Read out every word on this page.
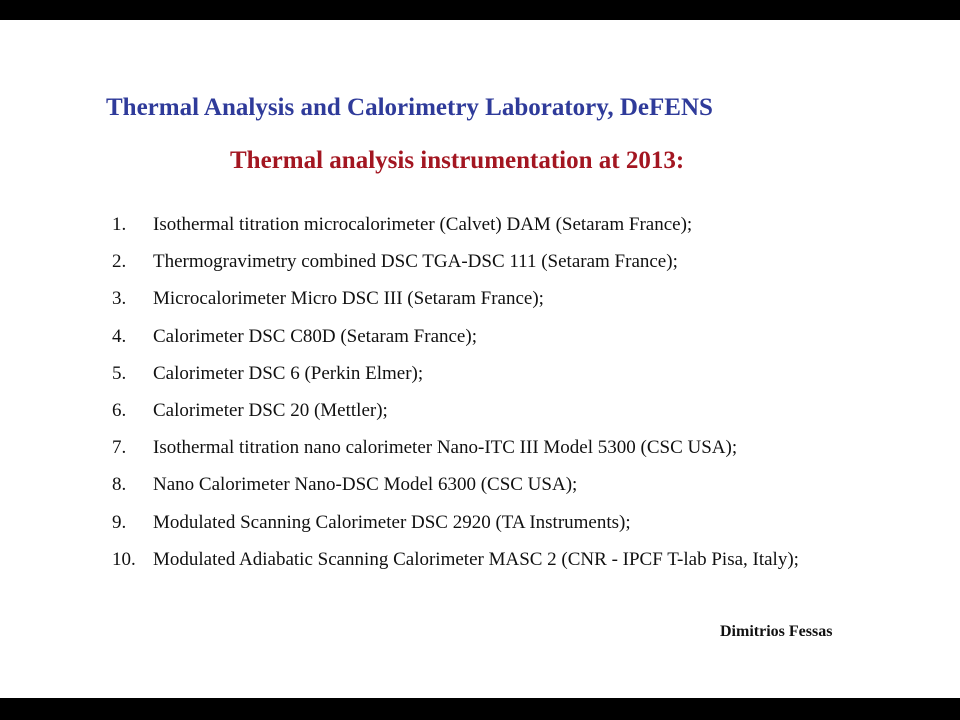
Thermal Analysis and Calorimetry Laboratory, DeFENS
Thermal analysis instrumentation at 2013:
1. Isothermal titration microcalorimeter (Calvet) DAM (Setaram France);
2. Thermogravimetry combined DSC TGA-DSC 111 (Setaram France);
3. Microcalorimeter Micro DSC III (Setaram France);
4. Calorimeter DSC C80D (Setaram France);
5. Calorimeter DSC 6 (Perkin Elmer);
6. Calorimeter DSC 20 (Mettler);
7. Isothermal titration nano calorimeter Nano-ITC III Model 5300 (CSC USA);
8. Nano Calorimeter Nano-DSC Model 6300 (CSC USA);
9. Modulated Scanning Calorimeter DSC 2920 (TA Instruments);
10. Modulated Adiabatic Scanning Calorimeter MASC 2 (CNR - IPCF T-lab Pisa, Italy);

Dimitrios Fessas
